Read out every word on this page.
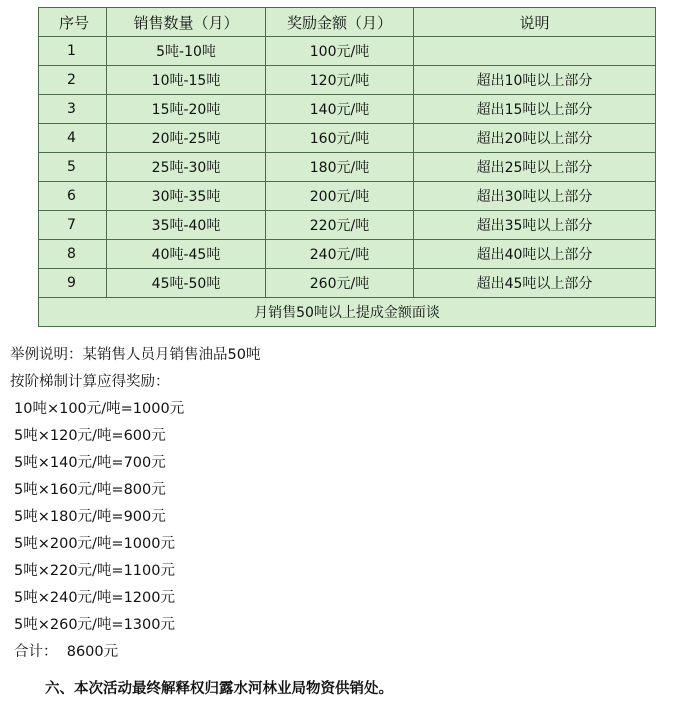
序号	销售数量（月）	奖励金额（月）	说明
1	5吨-10吨	100元/吨	
2	10吨-15吨	120元/吨	超出10吨以上部分
3	15吨-20吨	140元/吨	超出15吨以上部分
4	20吨-25吨	160元/吨	超出20吨以上部分
5	25吨-30吨	180元/吨	超出25吨以上部分
6	30吨-35吨	200元/吨	超出30吨以上部分
7	35吨-40吨	220元/吨	超出35吨以上部分
8	40吨-45吨	240元/吨	超出40吨以上部分
9	45吨-50吨	260元/吨	超出45吨以上部分
月销售50吨以上提成金额面谈			
举例说明：某销售人员月销售油品50吨
按阶梯制计算应得奖励：
10吨×100元/吨=1000元
5吨×120元/吨=600元
5吨×140元/吨=700元
5吨×160元/吨=800元
5吨×180元/吨=900元
5吨×200元/吨=1000元
5吨×220元/吨=1100元
5吨×240元/吨=1200元
5吨×260元/吨=1300元
合计：  8600元
六、本次活动最终解释权归露水河林业局物资供销处。
